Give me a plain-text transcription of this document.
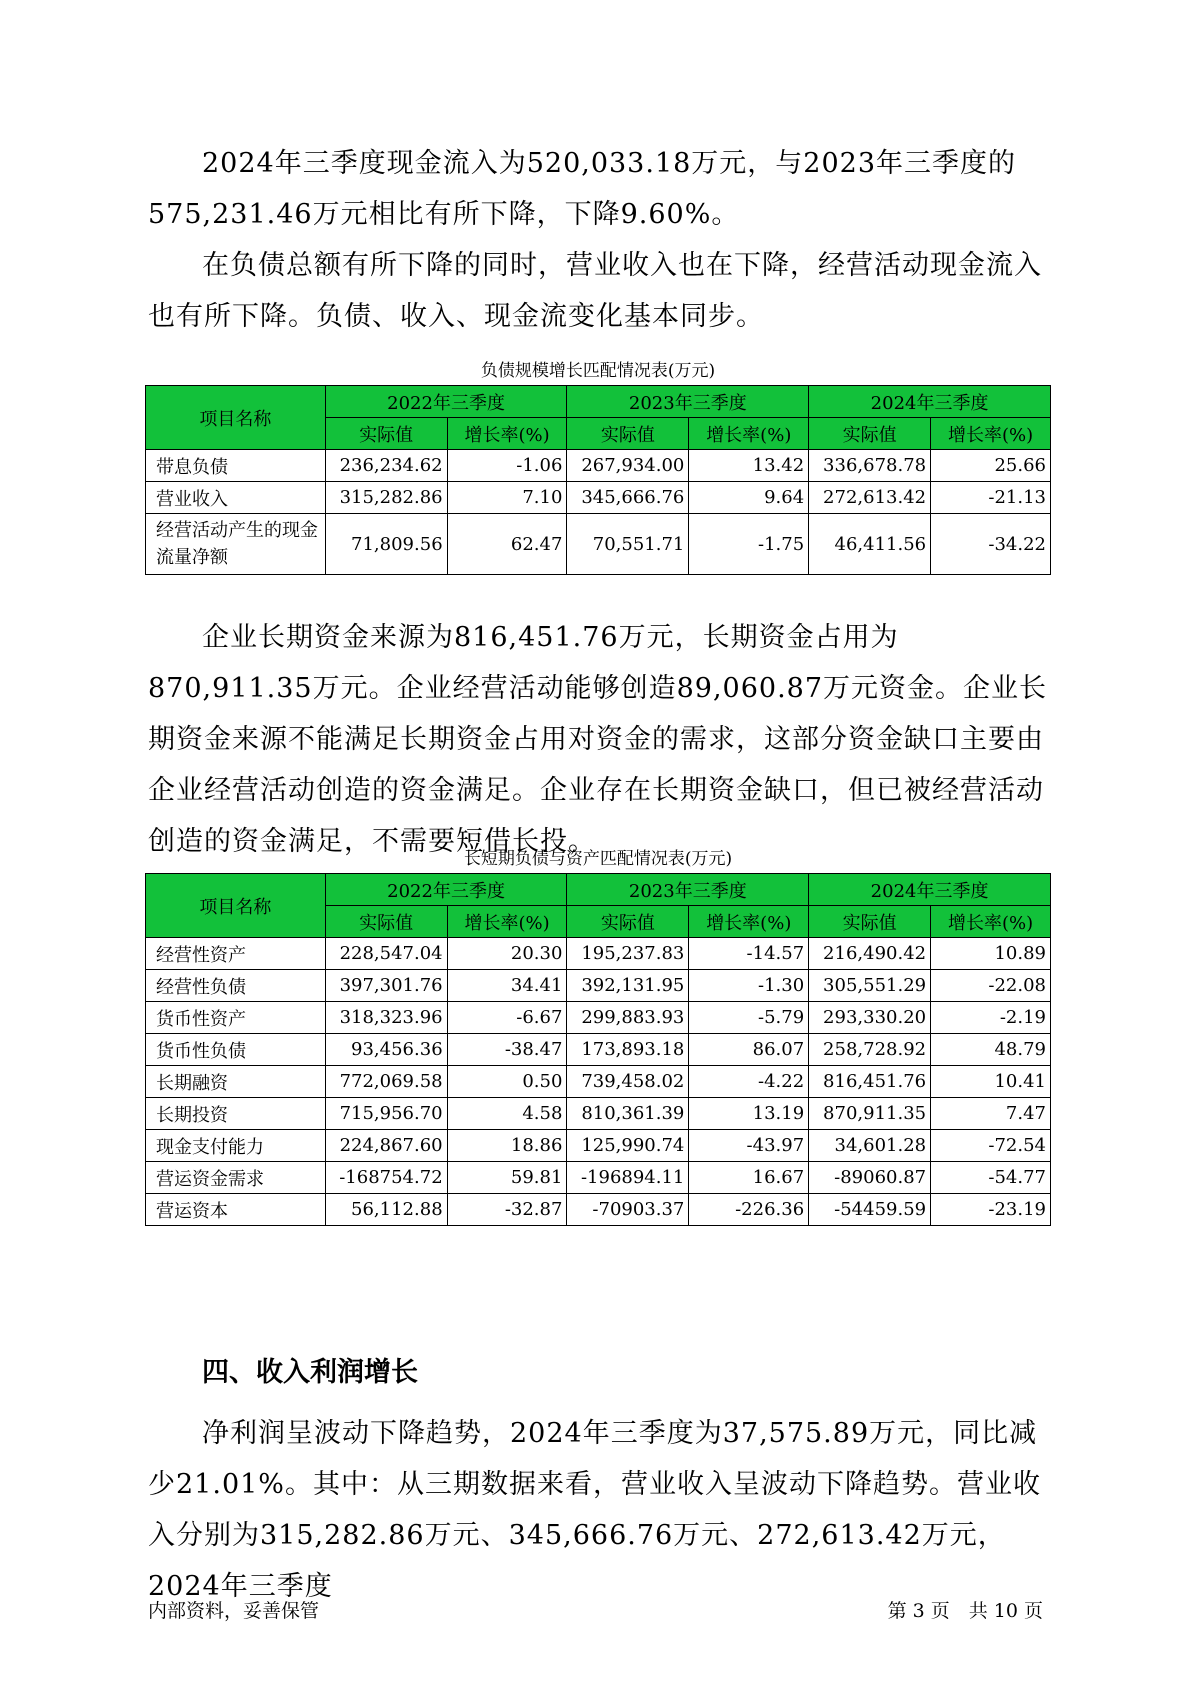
2024年三季度现金流入为520,033.18万元，与2023年三季度的575,231.46万元相比有所下降，下降9.60%。

在负债总额有所下降的同时，营业收入也在下降，经营活动现金流入也有所下降。负债、收入、现金流变化基本同步。

负债规模增长匹配情况表(万元)

项目名称	2022年三季度		2023年三季度		2024年三季度	
	实际值	增长率(%)	实际值	增长率(%)	实际值	增长率(%)
带息负债	236,234.62	-1.06	267,934.00	13.42	336,678.78	25.66
营业收入	315,282.86	7.10	345,666.76	9.64	272,613.42	-21.13
经营活动产生的现金流量净额	71,809.56	62.47	70,551.71	-1.75	46,411.56	-34.22

企业长期资金来源为816,451.76万元，长期资金占用为870,911.35万元。企业经营活动能够创造89,060.87万元资金。企业长期资金来源不能满足长期资金占用对资金的需求，这部分资金缺口主要由企业经营活动创造的资金满足。企业存在长期资金缺口，但已被经营活动创造的资金满足，不需要短借长投。

长短期负债与资产匹配情况表(万元)

项目名称	2022年三季度		2023年三季度		2024年三季度	
	实际值	增长率(%)	实际值	增长率(%)	实际值	增长率(%)
经营性资产	228,547.04	20.30	195,237.83	-14.57	216,490.42	10.89
经营性负债	397,301.76	34.41	392,131.95	-1.30	305,551.29	-22.08
货币性资产	318,323.96	-6.67	299,883.93	-5.79	293,330.20	-2.19
货币性负债	93,456.36	-38.47	173,893.18	86.07	258,728.92	48.79
长期融资	772,069.58	0.50	739,458.02	-4.22	816,451.76	10.41
长期投资	715,956.70	4.58	810,361.39	13.19	870,911.35	7.47
现金支付能力	224,867.60	18.86	125,990.74	-43.97	34,601.28	-72.54
营运资金需求	-168754.72	59.81	-196894.11	16.67	-89060.87	-54.77
营运资本	56,112.88	-32.87	-70903.37	-226.36	-54459.59	-23.19
四、收入利润增长

净利润呈波动下降趋势，2024年三季度为37,575.89万元，同比减少21.01%。其中：从三期数据来看，营业收入呈波动下降趋势。营业收入分别为315,282.86万元、345,666.76万元、272,613.42万元，2024年三季度

内部资料，妥善保管	第 3 页　共 10 页
